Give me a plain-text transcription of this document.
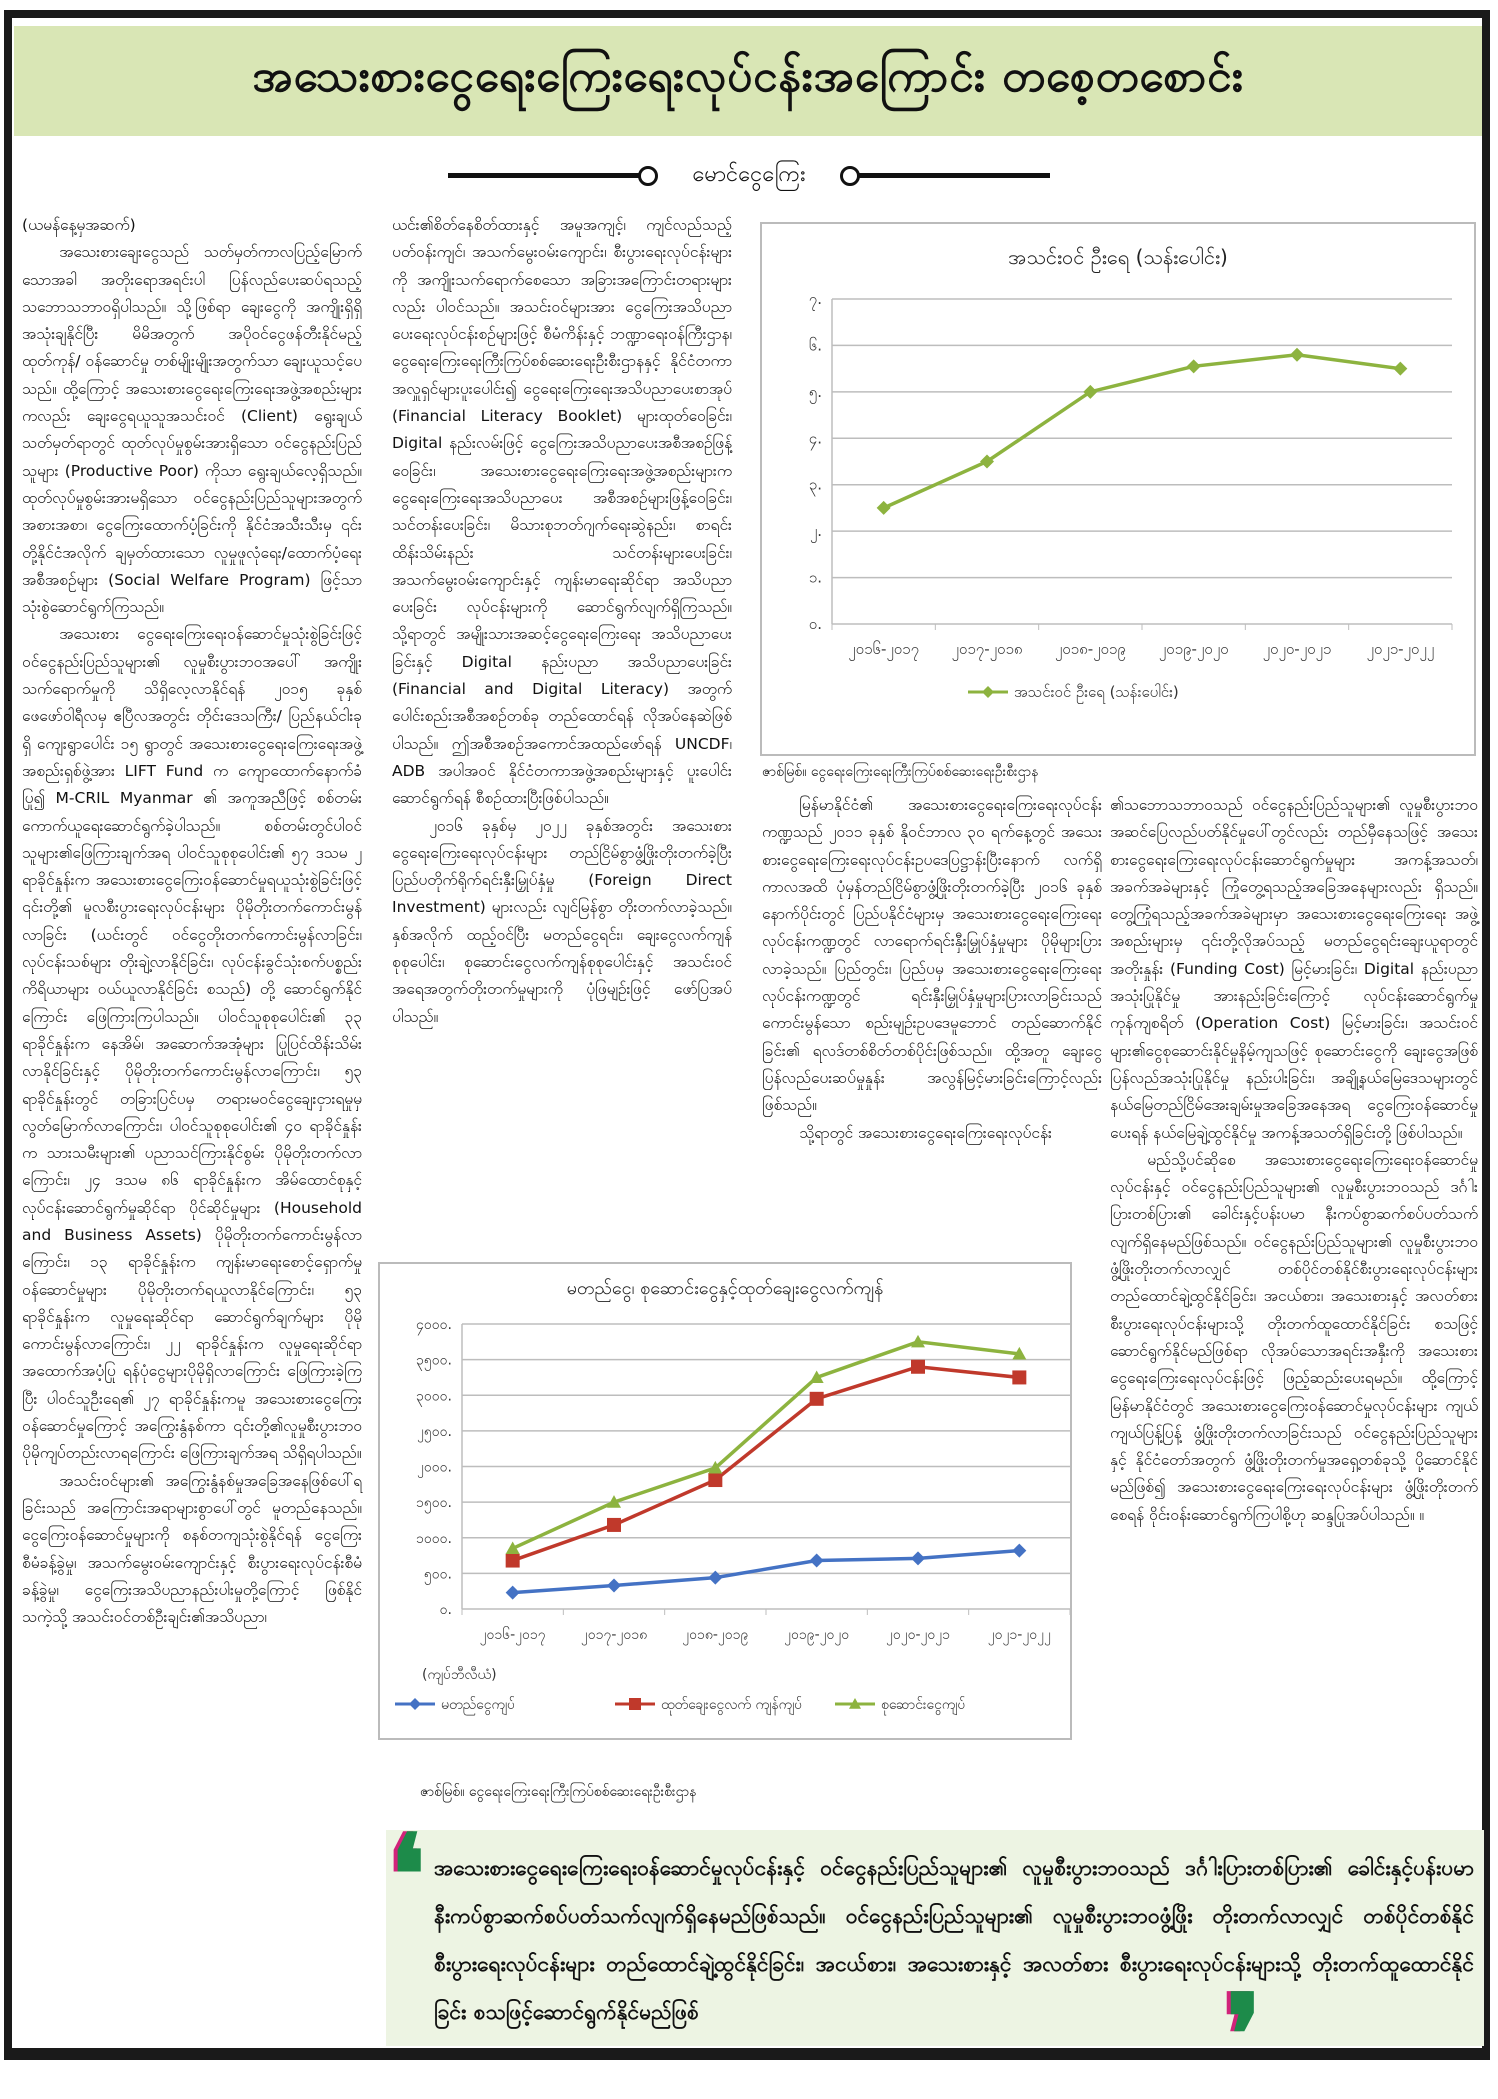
အသေးစားငွေရေးကြေးရေးလုပ်ငန်းအကြောင်း တစေ့တစောင်း
မောင်ငွေကြေး

(ယမန်နေ့မှအဆက်)

အသေးစားချေးငွေသည် သတ်မှတ်ကာလပြည့်မြောက်သောအခါ အတိုးရောအရင်းပါ ပြန်လည်ပေးဆပ်ရသည့်သဘောသဘာဝရှိပါသည်။ သို့ဖြစ်ရာ ချေးငွေကို အကျိုးရှိရှိအသုံးချနိုင်ပြီး မိမိအတွက် အပိုဝင်ငွေဖန်တီးနိုင်မည့် ထုတ်ကုန်/ ဝန်ဆောင်မှု တစ်မျိုးမျိုးအတွက်သာ ချေးယူသင့်ပေသည်။ ထို့ကြောင့် အသေးစားငွေရေးကြေးရေးအဖွဲ့အစည်းများကလည်း ချေးငွေရယူသူအသင်းဝင် (Client) ရွေးချယ်သတ်မှတ်ရာတွင် ထုတ်လုပ်မှုစွမ်းအားရှိသော ဝင်ငွေနည်းပြည်သူများ (Productive Poor) ကိုသာ ရွေးချယ်လေ့ရှိသည်။ ထုတ်လုပ်မှုစွမ်းအားမရှိသော ဝင်ငွေနည်းပြည်သူများအတွက် အစားအစာ၊ ငွေကြေးထောက်ပံ့ခြင်းကို နိုင်ငံအသီးသီးမှ ၎င်းတို့နိုင်ငံအလိုက် ချမှတ်ထားသော လူမှုဖူလုံရေး/ထောက်ပံ့ရေးအစီအစဉ်များ (Social Welfare Program) ဖြင့်သာ သုံးစွဲဆောင်ရွက်ကြသည်။

အသေးစား ငွေရေးကြေးရေးဝန်ဆောင်မှုသုံးစွဲခြင်းဖြင့် ဝင်ငွေနည်းပြည်သူများ၏ လူမှုစီးပွားဘဝအပေါ် အကျိုးသက်ရောက်မှုကို သိရှိလေ့လာနိုင်ရန် ၂၀၁၅ ခုနှစ် ဖေဖော်ဝါရီလမှ ဧပြီလအတွင်း တိုင်းဒေသကြီး/ ပြည်နယ်ငါးခုရှိ ကျေးရွာပေါင်း ၁၅ ရွာတွင် အသေးစားငွေရေးကြေးရေးအဖွဲ့အစည်းရှစ်ဖွဲ့အား LIFT Fund က ကျောထောက်နောက်ခံပြု၍ M-CRIL Myanmar ၏ အကူအညီဖြင့် စစ်တမ်းကောက်ယူရေးဆောင်ရွက်ခဲ့ပါသည်။ စစ်တမ်းတွင်ပါဝင်သူများ၏ဖြေကြားချက်အရ ပါဝင်သူစုစုပေါင်း၏ ၅၇ ဒသမ ၂ ရာခိုင်နှုန်းက အသေးစားငွေကြေးဝန်ဆောင်မှုရယူသုံးစွဲခြင်းဖြင့် ၎င်းတို့၏ မူလစီးပွားရေးလုပ်ငန်းများ ပိုမိုတိုးတက်ကောင်းမွန်လာခြင်း (ယင်းတွင် ဝင်ငွေတိုးတက်ကောင်းမွန်လာခြင်း၊ လုပ်ငန်းသစ်များ တိုးချဲ့လာနိုင်ခြင်း၊ လုပ်ငန်းခွင်သုံးစက်ပစ္စည်းကိရိယာများ ဝယ်ယူလာနိုင်ခြင်း စသည်) တို့ ဆောင်ရွက်နိုင်ကြောင်း ဖြေကြားကြပါသည်။ ပါဝင်သူစုစုပေါင်း၏ ၃၃ ရာခိုင်နှုန်းက နေအိမ်၊ အဆောက်အအုံများ ပြုပြင်ထိန်းသိမ်းလာနိုင်ခြင်းနှင့် ပိုမိုတိုးတက်ကောင်းမွန်လာကြောင်း၊ ၅၃ ရာခိုင်နှုန်းတွင် တခြားပြင်ပမှ တရားမဝင်ငွေချေးငှားရမှုမှ လွတ်မြောက်လာကြောင်း၊ ပါဝင်သူစုစုပေါင်း၏ ၄၀ ရာခိုင်နှုန်းက သားသမီးများ၏ ပညာသင်ကြားနိုင်စွမ်း ပိုမိုတိုးတက်လာကြောင်း၊ ၂၄ ဒသမ ၈၆ ရာခိုင်နှုန်းက အိမ်ထောင်စုနှင့် လုပ်ငန်းဆောင်ရွက်မှုဆိုင်ရာ ပိုင်ဆိုင်မှုများ (Household and Business Assets) ပိုမိုတိုးတက်ကောင်းမွန်လာကြောင်း၊ ၁၃ ရာခိုင်နှုန်းက ကျန်းမာရေးစောင့်ရှောက်မှု ဝန်ဆောင်မှုများ ပိုမိုတိုးတက်ရယူလာနိုင်ကြောင်း၊ ၅၃ ရာခိုင်နှုန်းက လူမှုရေးဆိုင်ရာ ဆောင်ရွက်ချက်များ ပိုမိုကောင်းမွန်လာကြောင်း၊ ၂၂ ရာခိုင်နှုန်းက လူမှုရေးဆိုင်ရာ အထောက်အပံ့ပြု ရန်ပုံငွေများပိုမိုရှိလာကြောင်း ဖြေကြားခဲ့ကြပြီး ပါဝင်သူဦးရေ၏ ၂၇ ရာခိုင်နှုန်းကမူ အသေးစားငွေကြေးဝန်ဆောင်မှုကြောင့် အကြွေးနွံနစ်ကာ ၎င်းတို့၏လူမှုစီးပွားဘဝ ပိုမိုကျပ်တည်းလာရကြောင်း ဖြေကြားချက်အရ သိရှိရပါသည်။

အသင်းဝင်များ၏ အကြွေးနွံနစ်မှုအခြေအနေဖြစ်ပေါ်ရခြင်းသည် အကြောင်းအရာများစွာပေါ်တွင် မူတည်နေသည်။ ငွေကြေးဝန်ဆောင်မှုများကို စနစ်တကျသုံးစွဲနိုင်ရန် ငွေကြေးစီမံခန့်ခွဲမှု၊ အသက်မွေးဝမ်းကျောင်းနှင့် စီးပွားရေးလုပ်ငန်းစီမံခန့်ခွဲမှု၊ ငွေကြေးအသိပညာနည်းပါးမှုတို့ကြောင့် ဖြစ်နိုင်သကဲ့သို့ အသင်းဝင်တစ်ဦးချင်း၏အသိပညာ၊

ယင်း၏စိတ်နေစိတ်ထားနှင့် အမူအကျင့်၊ ကျင်လည်သည့်ပတ်ဝန်းကျင်၊ အသက်မွေးဝမ်းကျောင်း၊ စီးပွားရေးလုပ်ငန်းများကို အကျိုးသက်ရောက်စေသော အခြားအကြောင်းတရားများလည်း ပါဝင်သည်။ အသင်းဝင်များအား ငွေကြေးအသိပညာပေးရေးလုပ်ငန်းစဉ်များဖြင့် စီမံကိန်းနှင့် ဘဏ္ဍာရေးဝန်ကြီးဌာန၊ ငွေရေးကြေးရေးကြီးကြပ်စစ်ဆေးရေးဦးစီးဌာနနှင့် နိုင်ငံတကာအလှူရှင်များပူးပေါင်း၍ ငွေရေးကြေးရေးအသိပညာပေးစာအုပ် (Financial Literacy Booklet) များထုတ်ဝေခြင်း၊ Digital နည်းလမ်းဖြင့် ငွေကြေးအသိပညာပေးအစီအစဉ်ဖြန့်ဝေခြင်း၊ အသေးစားငွေရေးကြေးရေးအဖွဲ့အစည်းများက ငွေရေးကြေးရေးအသိပညာပေး အစီအစဉ်များဖြန့်ဝေခြင်း၊ သင်တန်းပေးခြင်း၊ မိသားစုဘတ်ဂျက်ရေးဆွဲနည်း၊ စာရင်းထိန်းသိမ်းနည်း သင်တန်းများပေးခြင်း၊ အသက်မွေးဝမ်းကျောင်းနှင့် ကျန်းမာရေးဆိုင်ရာ အသိပညာပေးခြင်း လုပ်ငန်းများကို ဆောင်ရွက်လျက်ရှိကြသည်။ သို့ရာတွင် အမျိုးသားအဆင့်ငွေရေးကြေးရေး အသိပညာပေးခြင်းနှင့် Digital နည်းပညာ အသိပညာပေးခြင်း (Financial and Digital Literacy) အတွက် ပေါင်းစည်းအစီအစဉ်တစ်ခု တည်ထောင်ရန် လိုအပ်နေဆဲဖြစ်ပါသည်။ ဤအစီအစဉ်အကောင်အထည်ဖော်ရန် UNCDF၊ ADB အပါအဝင် နိုင်ငံတကာအဖွဲ့အစည်းများနှင့် ပူးပေါင်းဆောင်ရွက်ရန် စီစဉ်ထားပြီးဖြစ်ပါသည်။

၂၀၁၆ ခုနှစ်မှ ၂၀၂၂ ခုနှစ်အတွင်း အသေးစားငွေရေးကြေးရေးလုပ်ငန်းများ တည်ငြိမ်စွာဖွံ့ဖြိုးတိုးတက်ခဲ့ပြီး ပြည်ပတိုက်ရိုက်ရင်းနှီးမြှုပ်နှံမှု (Foreign Direct Investment) များလည်း လျင်မြန်စွာ တိုးတက်လာခဲ့သည်။ နှစ်အလိုက် ထည့်ဝင်ပြီး မတည်ငွေရင်း၊ ချေးငွေလက်ကျန်စုစုပေါင်း၊ စုဆောင်းငွေလက်ကျန်စုစုပေါင်းနှင့် အသင်းဝင်အရေအတွက်တိုးတက်မှုများကို ပုံဖြမျဉ်းဖြင့် ဖော်ပြအပ်ပါသည်။

အသင်းဝင် ဦးရေ (သန်းပေါင်း)
၀.
၁.
၂.
၃.
၄.
၅.
၆.
၇.
၂၀၁၆-၂၀၁၇ ၂၀၁၇-၂၀၁၈ ၂၀၁၈-၂၀၁၉ ၂၀၁၉-၂၀၂၀ ၂၀၂၀-၂၀၂၁ ၂၀၂၁-၂၀၂၂
အသင်းဝင် ဦးရေ (သန်းပေါင်း)
ဇာစ်မြစ်။ ငွေရေးကြေးရေးကြီးကြပ်စစ်ဆေးရေးဦးစီးဌာန

မြန်မာနိုင်ငံ၏ အသေးစားငွေရေးကြေးရေးလုပ်ငန်းကဏ္ဍသည် ၂၀၁၁ ခုနှစ် နိုဝင်ဘာလ ၃၀ ရက်နေ့တွင် အသေးစားငွေရေးကြေးရေးလုပ်ငန်းဥပဒေပြဋ္ဌာန်းပြီးနောက် လက်ရှိကာလအထိ ပုံမှန်တည်ငြိမ်စွာဖွံ့ဖြိုးတိုးတက်ခဲ့ပြီး ၂၀၁၆ ခုနှစ်နောက်ပိုင်းတွင် ပြည်ပနိုင်ငံများမှ အသေးစားငွေရေးကြေးရေးလုပ်ငန်းကဏ္ဍတွင် လာရောက်ရင်းနှီးမြှုပ်နှံမှုများ ပိုမိုများပြားလာခဲ့သည်။ ပြည်တွင်း၊ ပြည်ပမှ အသေးစားငွေရေးကြေးရေး လုပ်ငန်းကဏ္ဍတွင် ရင်းနှီးမြှုပ်နှံမှုများပြားလာခြင်းသည် ကောင်းမွန်သော စည်းမျဉ်းဥပဒေမူဘောင် တည်ဆောက်နိုင်ခြင်း၏ ရလဒ်တစ်စိတ်တစ်ပိုင်းဖြစ်သည်။ ထို့အတူ ချေးငွေပြန်လည်ပေးဆပ်မှုနှုန်း အလွန်မြင့်မားခြင်းကြောင့်လည်းဖြစ်သည်။

သို့ရာတွင် အသေးစားငွေရေးကြေးရေးလုပ်ငန်း

၏သဘောသဘာဝသည် ဝင်ငွေနည်းပြည်သူများ၏ လူမှုစီးပွားဘဝ အဆင်ပြေလည်ပတ်နိုင်မှုပေါ်တွင်လည်း တည်မှီနေသဖြင့် အသေးစားငွေရေးကြေးရေးလုပ်ငန်းဆောင်ရွက်မှုများ အကန့်အသတ်၊ အခက်အခဲများနှင့် ကြုံတွေ့ရသည့်အခြေအနေများလည်း ရှိသည်။ တွေ့ကြုံရသည့်အခက်အခဲများမှာ အသေးစားငွေရေးကြေးရေး အဖွဲ့အစည်းများမှ ၎င်းတို့လိုအပ်သည့် မတည်ငွေရင်းချေးယူရာတွင် အတိုးနှုန်း (Funding Cost) မြင့်မားခြင်း၊ Digital နည်းပညာအသုံးပြုနိုင်မှု အားနည်းခြင်းကြောင့် လုပ်ငန်းဆောင်ရွက်မှုကုန်ကျစရိတ် (Operation Cost) မြင့်မားခြင်း၊ အသင်းဝင်များ၏ငွေစုဆောင်းနိုင်မှုနိမ့်ကျသဖြင့် စုဆောင်းငွေကို ချေးငွေအဖြစ် ပြန်လည်အသုံးပြုနိုင်မှု နည်းပါးခြင်း၊ အချို့နယ်မြေဒေသများတွင် နယ်မြေတည်ငြိမ်အေးချမ်းမှုအခြေအနေအရ ငွေကြေးဝန်ဆောင်မှုပေးရန် နယ်မြေချဲ့ထွင်နိုင်မှု အကန့်အသတ်ရှိခြင်းတို့ ဖြစ်ပါသည်။

မည်သို့ပင်ဆိုစေ အသေးစားငွေရေးကြေးရေးဝန်ဆောင်မှုလုပ်ငန်းနှင့် ဝင်ငွေနည်းပြည်သူများ၏ လူမှုစီးပွားဘဝသည် ဒင်္ဂါးပြားတစ်ပြား၏ ခေါင်းနှင့်ပန်းပမာ နီးကပ်စွာဆက်စပ်ပတ်သက်လျက်ရှိနေမည်ဖြစ်သည်။ ဝင်ငွေနည်းပြည်သူများ၏ လူမှုစီးပွားဘဝဖွံ့ဖြိုးတိုးတက်လာလျှင် တစ်ပိုင်တစ်နိုင်စီးပွားရေးလုပ်ငန်းများ တည်ထောင်ချဲ့ထွင်နိုင်ခြင်း၊ အငယ်စား၊ အသေးစားနှင့် အလတ်စားစီးပွားရေးလုပ်ငန်းများသို့ တိုးတက်ထူထောင်နိုင်ခြင်း စသဖြင့်ဆောင်ရွက်နိုင်မည်ဖြစ်ရာ လိုအပ်သောအရင်းအနှီးကို အသေးစားငွေရေးကြေးရေးလုပ်ငန်းဖြင့် ဖြည့်ဆည်းပေးရမည်။ ထို့ကြောင့် မြန်မာနိုင်ငံတွင် အသေးစားငွေကြေးဝန်ဆောင်မှုလုပ်ငန်းများ ကျယ်ကျယ်ပြန့်ပြန့် ဖွံ့ဖြိုးတိုးတက်လာခြင်းသည် ဝင်ငွေနည်းပြည်သူများနှင့် နိုင်ငံတော်အတွက် ဖွံ့ဖြိုးတိုးတက်မှုအရှေ့တစ်ခုသို့ ပို့ဆောင်နိုင်မည်ဖြစ်၍ အသေးစားငွေရေးကြေးရေးလုပ်ငန်းများ ဖွံ့ဖြိုးတိုးတက်စေရန် ဝိုင်းဝန်းဆောင်ရွက်ကြပါစို့ဟု ဆန္ဒပြုအပ်ပါသည်။ ။

မတည်ငွေ၊ စုဆောင်းငွေနှင့်ထုတ်ချေးငွေလက်ကျန်
၀.
၅၀၀.
၁၀၀၀.
၁၅၀၀.
၂၀၀၀.
၂၅၀၀.
၃၀၀၀.
၃၅၀၀.
၄၀၀၀.
၂၀၁၆-၂၀၁၇	၂၀၁၇-၂၀၁၈	၂၀၁၈-၂၀၁၉	၂၀၁၉-၂၀၂၀	၂၀၂၀-၂၀၂၁	၂၀၂၁-၂၀၂၂
(ကျပ်ဘီလီယံ)
မတည်ငွေကျပ်	ထုတ်ချေးငွေလက် ကျန်ကျပ်	စုဆောင်းငွေကျပ်
ဇာစ်မြစ်။ ငွေရေးကြေးရေးကြီးကြပ်စစ်ဆေးရေးဦးစီးဌာန
❛ အသေးစားငွေရေးကြေးရေးဝန်ဆောင်မှုလုပ်ငန်းနှင့် ဝင်ငွေနည်းပြည်သူများ၏ လူမှုစီးပွားဘဝသည် ဒင်္ဂါးပြားတစ်ပြား၏ ခေါင်းနှင့်ပန်းပမာ နီးကပ်စွာဆက်စပ်ပတ်သက်လျက်ရှိနေမည်ဖြစ်သည်။ ဝင်ငွေနည်းပြည်သူများ၏ လူမှုစီးပွားဘဝဖွံ့ဖြိုး တိုးတက်လာလျှင် တစ်ပိုင်တစ်နိုင်စီးပွားရေးလုပ်ငန်းများ တည်ထောင်ချဲ့ထွင်နိုင်ခြင်း၊ အငယ်စား၊ အသေးစားနှင့် အလတ်စား စီးပွားရေးလုပ်ငန်းများသို့ တိုးတက်ထူထောင်နိုင်ခြင်း စသဖြင့်ဆောင်ရွက်နိုင်မည်ဖြစ်	❜
